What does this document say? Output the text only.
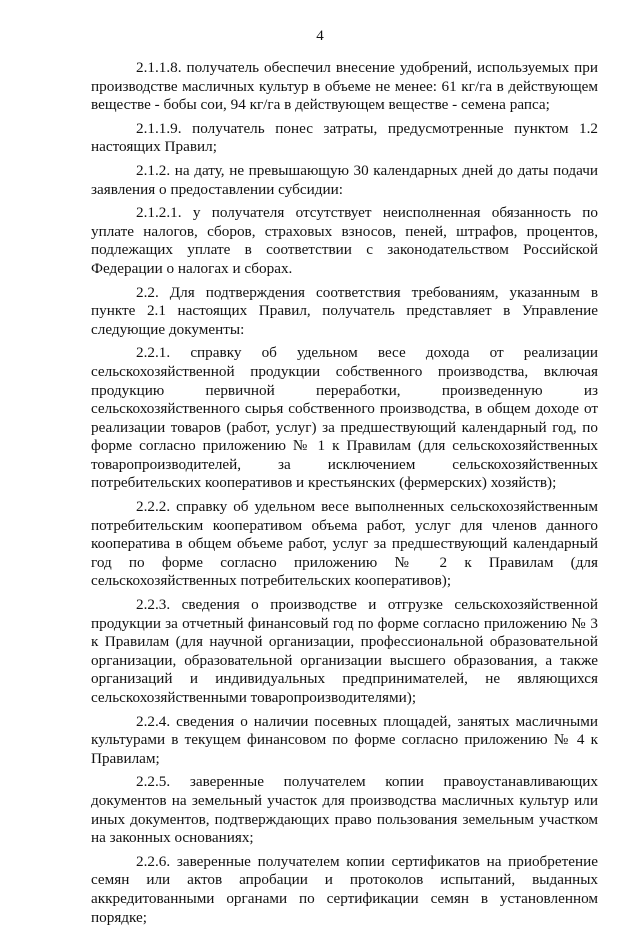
4

2.1.1.8. получатель обеспечил внесение удобрений, используемых при производстве масличных культур в объеме не менее: 61 кг/га в действующем веществе - бобы сои, 94 кг/га в действующем веществе - семена рапса;

2.1.1.9. получатель понес затраты, предусмотренные пунктом 1.2 настоящих Правил;

2.1.2. на дату, не превышающую 30 календарных дней до даты подачи заявления о предоставлении субсидии:

2.1.2.1. у получателя отсутствует неисполненная обязанность по уплате налогов, сборов, страховых взносов, пеней, штрафов, процентов, подлежащих уплате в соответствии с законодательством Российской Федерации о налогах и сборах.

2.2. Для подтверждения соответствия требованиям, указанным в пункте 2.1 настоящих Правил, получатель представляет в Управление следующие документы:

2.2.1. справку об удельном весе дохода от реализации сельскохозяйственной продукции собственного производства, включая продукцию первичной переработки, произведенную из сельскохозяйственного сырья собственного производства, в общем доходе от реализации товаров (работ, услуг) за предшествующий календарный год, по форме согласно приложению № 1 к Правилам (для сельскохозяйственных товаропроизводителей, за исключением сельскохозяйственных потребительских кооперативов и крестьянских (фермерских) хозяйств);

2.2.2. справку об удельном весе выполненных сельскохозяйственным потребительским кооперативом объема работ, услуг для членов данного кооператива в общем объеме работ, услуг за предшествующий календарный год по форме согласно приложению № 2 к Правилам (для сельскохозяйственных потребительских кооперативов);

2.2.3. сведения о производстве и отгрузке сельскохозяйственной продукции за отчетный финансовый год по форме согласно приложению № 3 к Правилам (для научной организации, профессиональной образовательной организации, образовательной организации высшего образования, а также организаций и индивидуальных предпринимателей, не являющихся сельскохозяйственными товаропроизводителями);

2.2.4. сведения о наличии посевных площадей, занятых масличными культурами в текущем финансовом по форме согласно приложению № 4 к Правилам;

2.2.5. заверенные получателем копии правоустанавливающих документов на земельный участок для производства масличных культур или иных документов, подтверждающих право пользования земельным участком на законных основаниях;

2.2.6. заверенные получателем копии сертификатов на приобретение семян или актов апробации и протоколов испытаний, выданных аккредитованными органами по сертификации семян в установленном порядке;
